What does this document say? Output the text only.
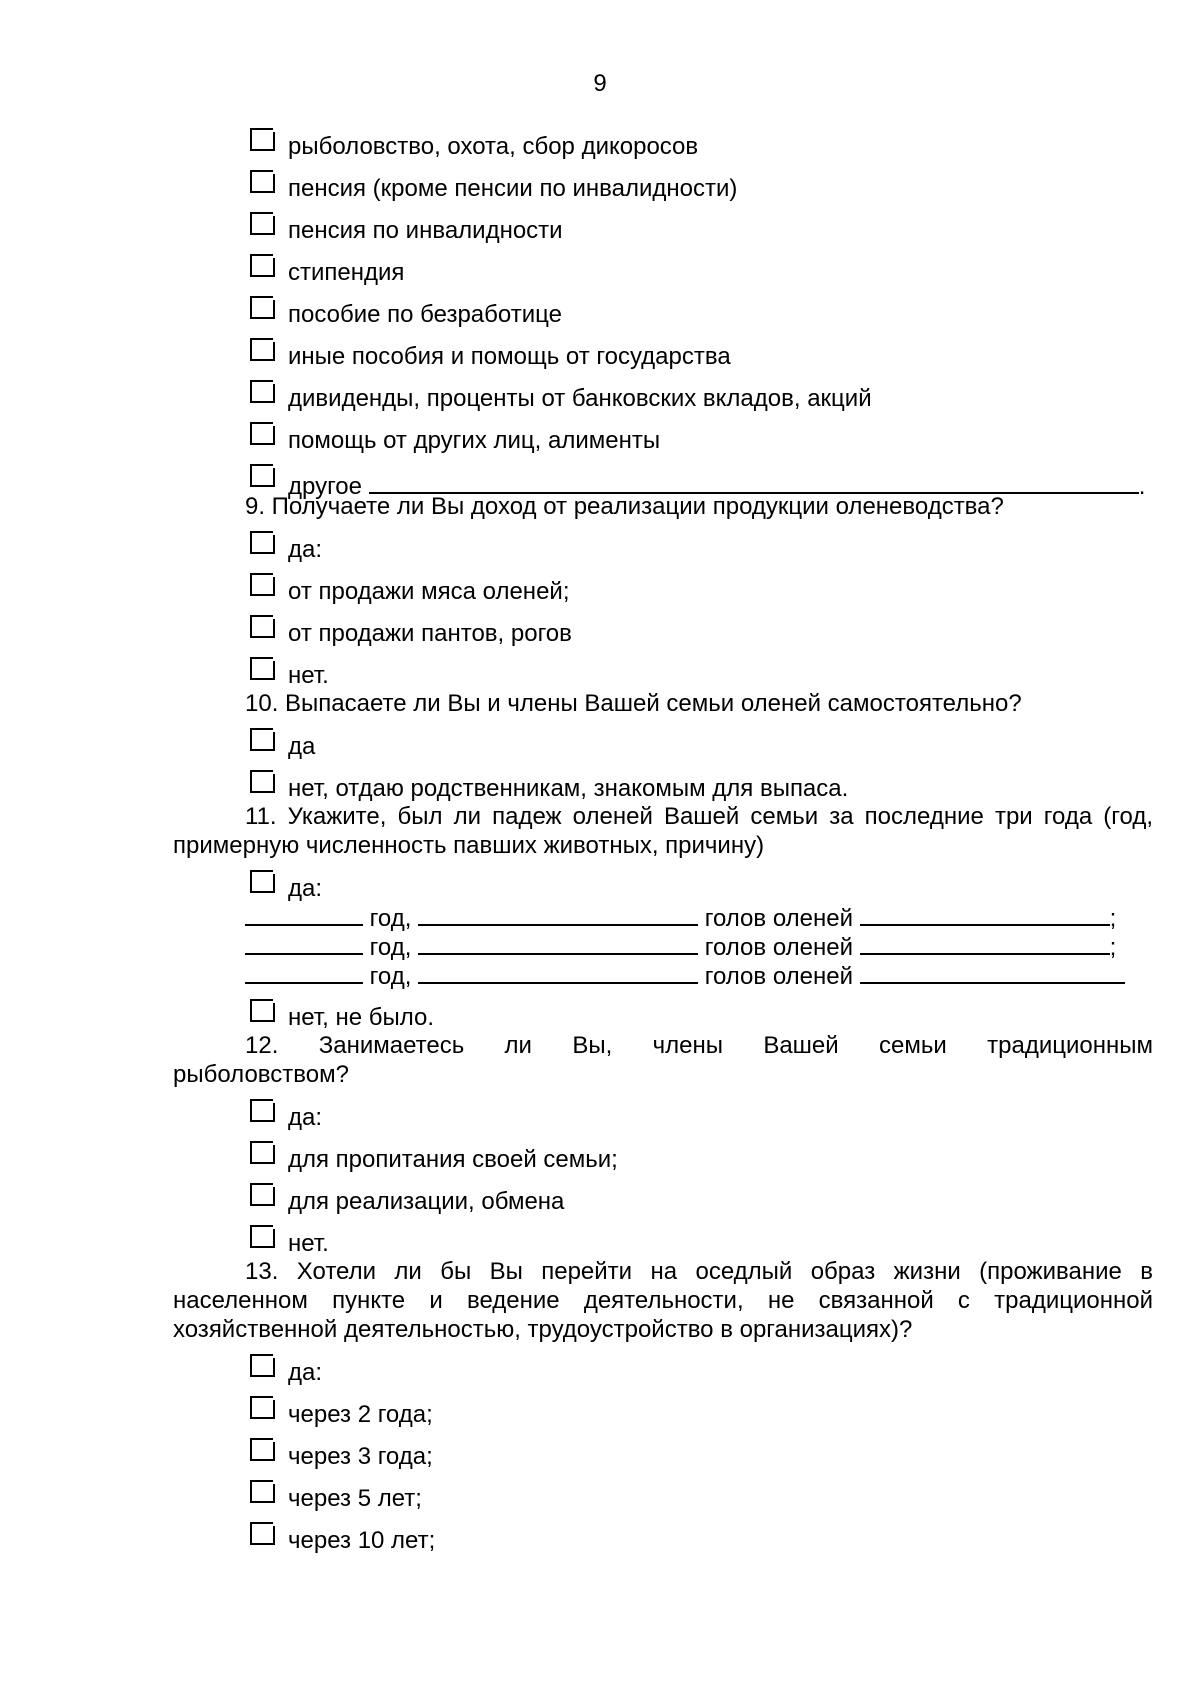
9
рыболовство, охота, сбор дикоросов
пенсия (кроме пенсии по инвалидности)
пенсия по инвалидности
стипендия
пособие по безработице
иные пособия и помощь от государства
дивиденды, проценты от банковских вкладов, акций
помощь от других лиц, алименты
другое	.

9. Получаете ли Вы доход от реализации продукции оленеводства?

да:
от продажи мяса оленей;
от продажи пантов, рогов
нет.

10. Выпасаете ли Вы и члены Вашей семьи оленей самостоятельно?

да
нет, отдаю родственникам, знакомым для выпаса.

11. Укажите, был ли падеж оленей Вашей семьи за последние три года (год, примерную численность павших животных, причину)

да:
год,	голов оленей	;
год,	голов оленей	;
год,	голов оленей
нет, не было.

12. Занимаетесь ли Вы, члены Вашей семьи традиционным рыболовством?

да:
для пропитания своей семьи;
для реализации, обмена
нет.

13. Хотели ли бы Вы перейти на оседлый образ жизни (проживание в населенном пункте и ведение деятельности, не связанной с традиционной хозяйственной деятельностью, трудоустройство в организациях)?

да:
через 2 года;
через 3 года;
через 5 лет;
через 10 лет;
